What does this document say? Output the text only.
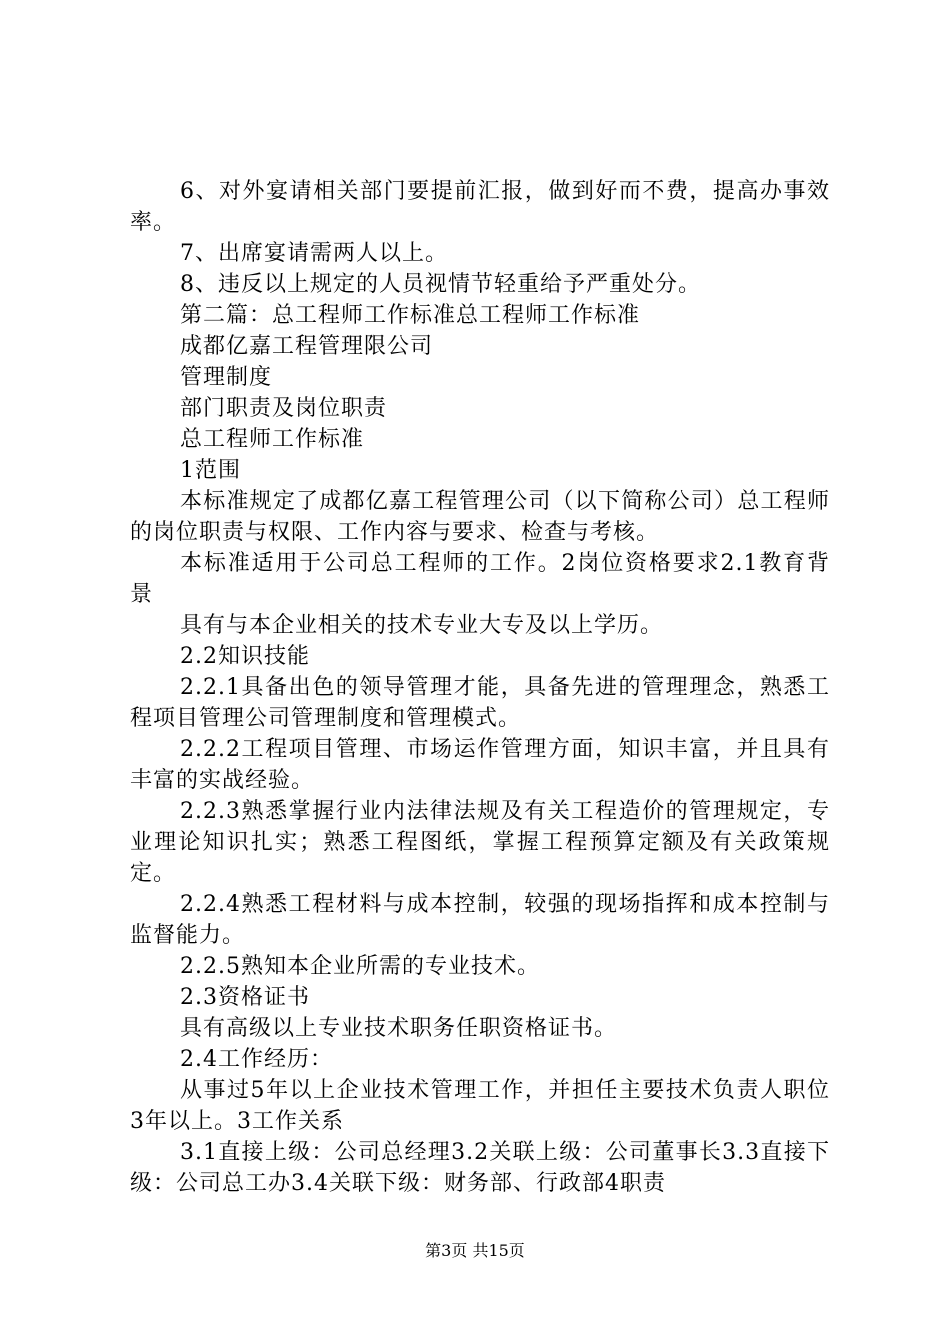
6、对外宴请相关部门要提前汇报，做到好而不费，提高办事效率。

7、出席宴请需两人以上。

8、违反以上规定的人员视情节轻重给予严重处分。

第二篇：总工程师工作标准总工程师工作标准

成都亿嘉工程管理限公司

管理制度

部门职责及岗位职责

总工程师工作标准

1范围

本标准规定了成都亿嘉工程管理公司（以下简称公司）总工程师的岗位职责与权限、工作内容与要求、检查与考核。

本标准适用于公司总工程师的工作。2岗位资格要求2.1教育背景

具有与本企业相关的技术专业大专及以上学历。

2.2知识技能

2.2.1具备出色的领导管理才能，具备先进的管理理念，熟悉工程项目管理公司管理制度和管理模式。

2.2.2工程项目管理、市场运作管理方面，知识丰富，并且具有丰富的实战经验。

2.2.3熟悉掌握行业内法律法规及有关工程造价的管理规定，专业理论知识扎实；熟悉工程图纸，掌握工程预算定额及有关政策规定。

2.2.4熟悉工程材料与成本控制，较强的现场指挥和成本控制与监督能力。

2.2.5熟知本企业所需的专业技术。

2.3资格证书

具有高级以上专业技术职务任职资格证书。

2.4工作经历：

从事过5年以上企业技术管理工作，并担任主要技术负责人职位3年以上。3工作关系

3.1直接上级：公司总经理3.2关联上级：公司董事长3.3直接下级：公司总工办3.4关联下级：财务部、行政部4职责

第3页 共15页
